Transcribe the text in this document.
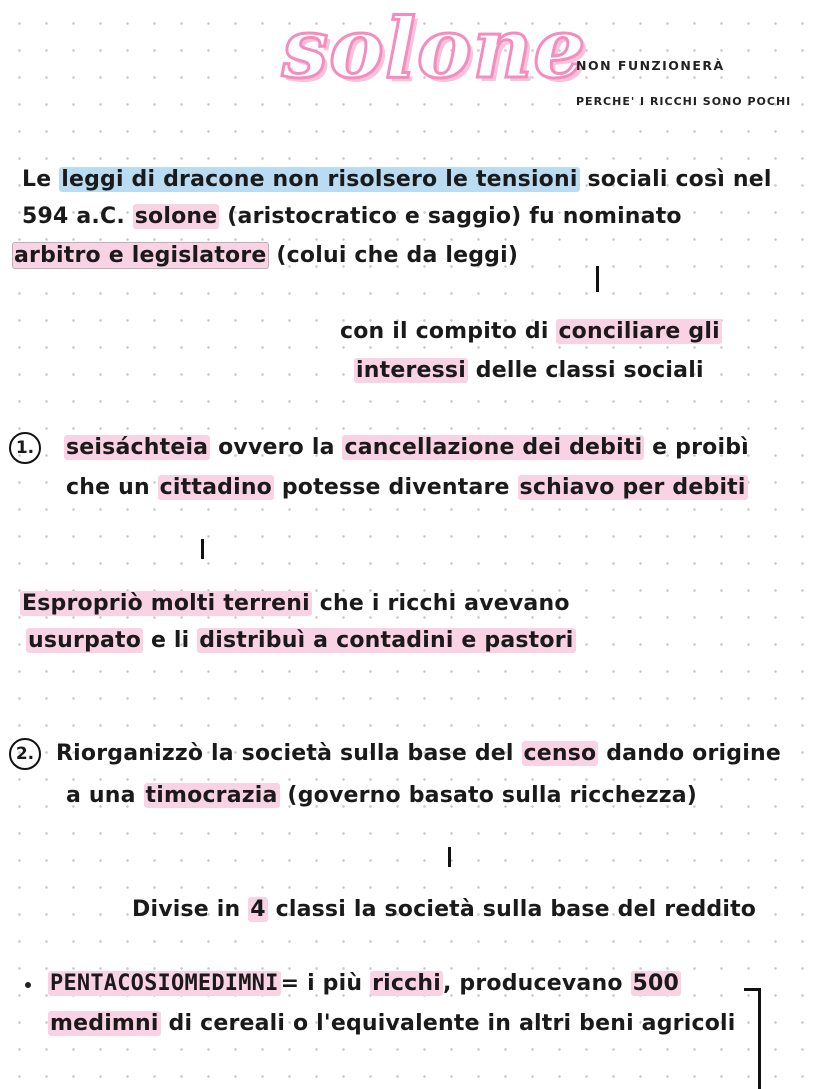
solone
NON FUNZIONERÀ
PERCHE' I RICCHI SONO POCHI
Le leggi di dracone non risolsero le tensioni sociali così nel
594 a.C. solone (aristocratico e saggio) fu nominato
arbitro e legislatore (colui che da leggi)
con il compito di conciliare gli
interessi delle classi sociali
1.	seisáchteia ovvero la cancellazione dei debiti e proibì
che un cittadino potesse diventare schiavo per debiti
Espropriò molti terreni che i ricchi avevano
usurpato e li distribuì a contadini e pastori
2. Riorganizzò la società sulla base del censo dando origine
a una timocrazia (governo basato sulla ricchezza)
Divise in 4 classi la società sulla base del reddito
PENTACOSIOMEDIMNI= i più ricchi, producevano 500
medimni di cereali o l'equivalente in altri beni agricoli
